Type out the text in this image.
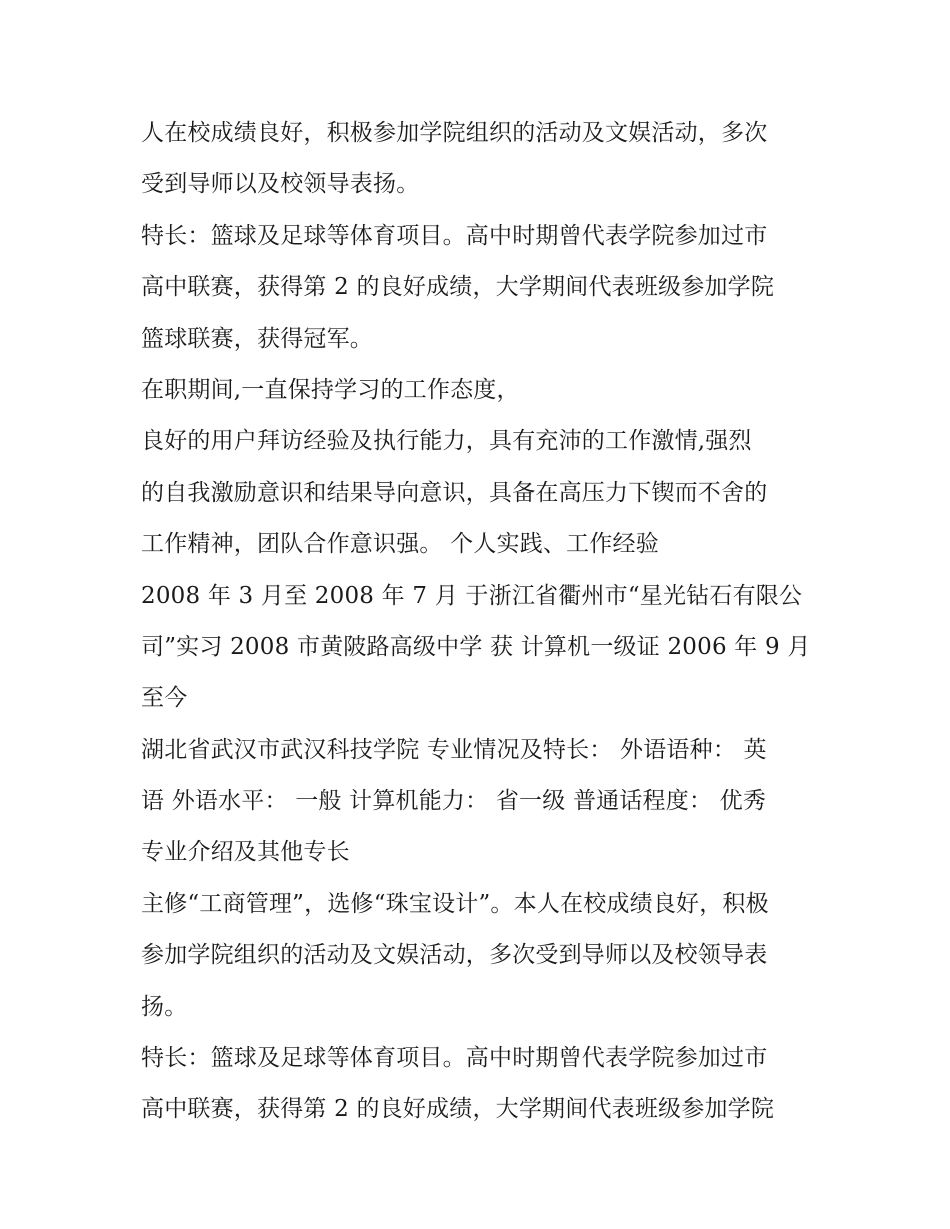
人在校成绩良好，积极参加学院组织的活动及文娱活动，多次
受到导师以及校领导表扬。
特长：篮球及足球等体育项目。高中时期曾代表学院参加过市
高中联赛，获得第 2 的良好成绩，大学期间代表班级参加学院
篮球联赛，获得冠军。
在职期间,一直保持学习的工作态度，
良好的用户拜访经验及执行能力，具有充沛的工作激情,强烈
的自我激励意识和结果导向意识，具备在高压力下锲而不舍的
工作精神，团队合作意识强。 个人实践、工作经验
2008 年 3 月至 2008 年 7 月 于浙江省衢州市“星光钻石有限公
司”实习 2008 市黄陂路高级中学 获 计算机一级证 2006 年 9 月
至今
湖北省武汉市武汉科技学院 专业情况及特长： 外语语种： 英
语 外语水平： 一般 计算机能力： 省一级 普通话程度： 优秀
专业介绍及其他专长
主修“工商管理”，选修“珠宝设计”。本人在校成绩良好，积极
参加学院组织的活动及文娱活动，多次受到导师以及校领导表
扬。
特长：篮球及足球等体育项目。高中时期曾代表学院参加过市
高中联赛，获得第 2 的良好成绩，大学期间代表班级参加学院
